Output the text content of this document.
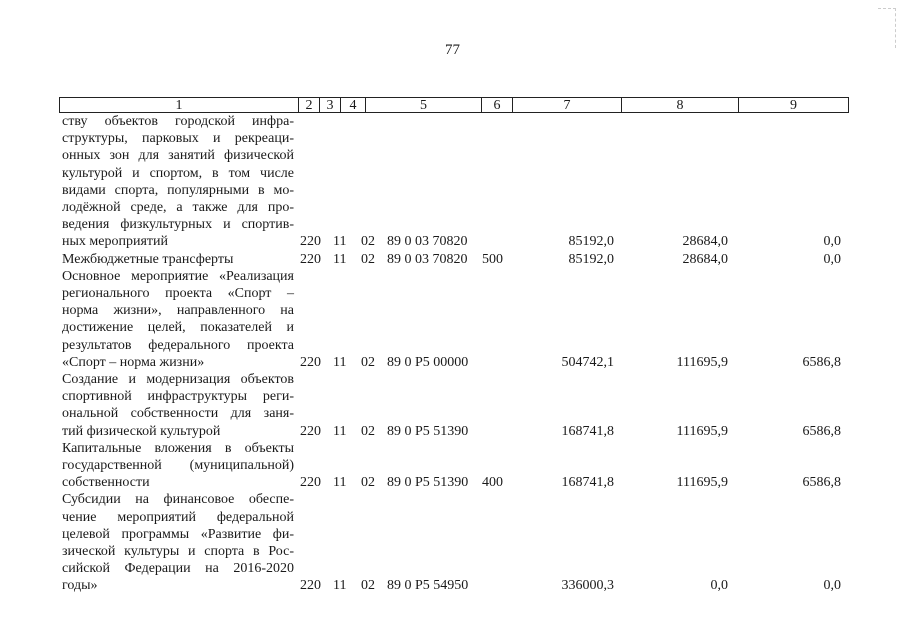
77
1	2	3	4	5	6	7	8	9
ству объектов городской инфра-
структуры, парковых и рекреаци-
онных зон для занятий физической
культурой и спортом, в том числе
видами спорта, популярными в мо-
лодёжной среде, а также для про-
ведения физкультурных и спортив-
ных мероприятий	220 11 02 89 0 03 70820	85192,0	28684,0	0,0
Межбюджетные трансферты	220 11 02 89 0 03 70820 500	85192,0	28684,0	0,0
Основное мероприятие «Реализация
регионального проекта «Спорт –
норма жизни», направленного на
достижение целей, показателей и
результатов федерального проекта
«Спорт – норма жизни»	220 11 02 89 0 Р5 00000	504742,1	111695,9	6586,8
Создание и модернизация объектов
спортивной инфраструктуры реги-
ональной собственности для заня-
тий физической культурой	220 11 02 89 0 Р5 51390	168741,8	111695,9	6586,8
Капитальные вложения в объекты
государственной (муниципальной)
собственности	220 11 02 89 0 Р5 51390 400	168741,8	111695,9	6586,8
Субсидии на финансовое обеспе-
чение мероприятий федеральной
целевой программы «Развитие фи-
зической культуры и спорта в Рос-
сийской Федерации на 2016-2020
годы»	220 11 02 89 0 Р5 54950	336000,3	0,0	0,0
